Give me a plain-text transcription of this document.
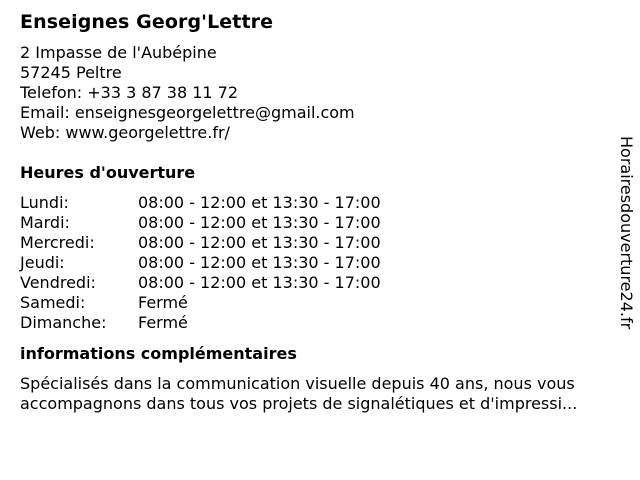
Enseignes Georg'Lettre
2 Impasse de l'Aubépine
57245 Peltre
Telefon: +33 3 87 38 11 72
Email: enseignesgeorgelettre@gmail.com
Web: www.georgelettre.fr/
Heures d'ouverture
Lundi:	08:00 - 12:00 et 13:30 - 17:00
Mardi:	08:00 - 12:00 et 13:30 - 17:00
Mercredi:	08:00 - 12:00 et 13:30 - 17:00
Jeudi:	08:00 - 12:00 et 13:30 - 17:00
Vendredi:	08:00 - 12:00 et 13:30 - 17:00
Samedi:	Fermé
Dimanche:	Fermé
informations complémentaires
Spécialisés dans la communication visuelle depuis 40 ans, nous vous accompagnons dans tous vos projets de signalétiques et d'impressi...
Horairesdouverture24.fr
